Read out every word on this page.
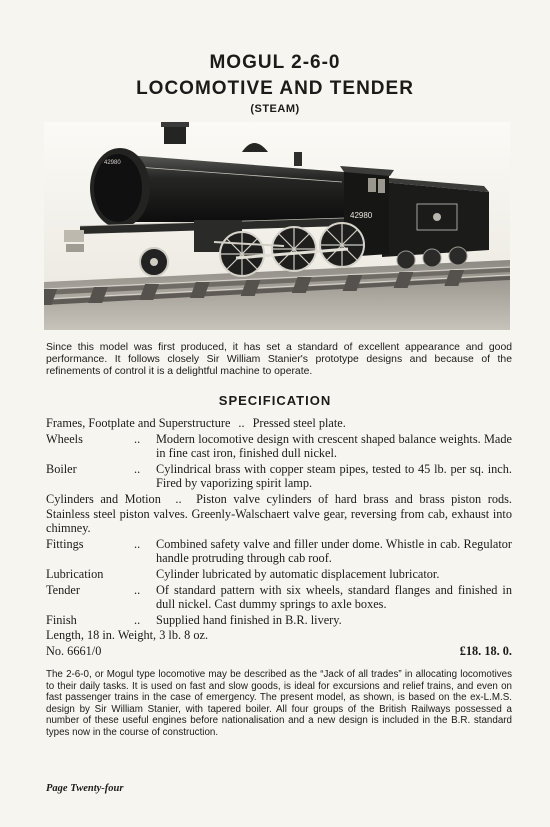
MOGUL 2-6-0
LOCOMOTIVE AND TENDER
(STEAM)
42980
42980
Since this model was first produced, it has set a standard of excellent appearance and good performance. It follows closely Sir William Stanier's prototype designs and because of the refinements of control it is a delightful machine to operate.
SPECIFICATION
Frames, Footplate and Superstructure .. Pressed steel plate.
Wheels	..	Modern locomotive design with crescent shaped balance weights. Made in fine cast iron, finished dull nickel.
Boiler	..	Cylindrical brass with copper steam pipes, tested to 45 lb. per sq. inch. Fired by vaporizing spirit lamp.
Cylinders and Motion .. Piston valve cylinders of hard brass and brass piston rods. Stainless steel piston valves. Greenly-Walschaert valve gear, reversing from cab, exhaust into chimney.
Fittings	..	Combined safety valve and filler under dome. Whistle in cab. Regulator handle protruding through cab roof.
Lubrication	Cylinder lubricated by automatic displacement lubricator.
Tender	..	Of standard pattern with six wheels, standard flanges and finished in dull nickel. Cast dummy springs to axle boxes.
Finish	..	Supplied hand finished in B.R. livery.
Length, 18 in. Weight, 3 lb. 8 oz.
No. 6661/0	£18. 18. 0.
The 2-6-0, or Mogul type locomotive may be described as the “Jack of all trades” in allocating locomotives to their daily tasks. It is used on fast and slow goods, is ideal for excursions and relief trains, and even on fast passenger trains in the case of emergency. The present model, as shown, is based on the ex-L.M.S. design by Sir William Stanier, with tapered boiler. All four groups of the British Railways possessed a number of these useful engines before nationalisation and a new design is included in the B.R. standard types now in the course of construction.
Page Twenty-four
